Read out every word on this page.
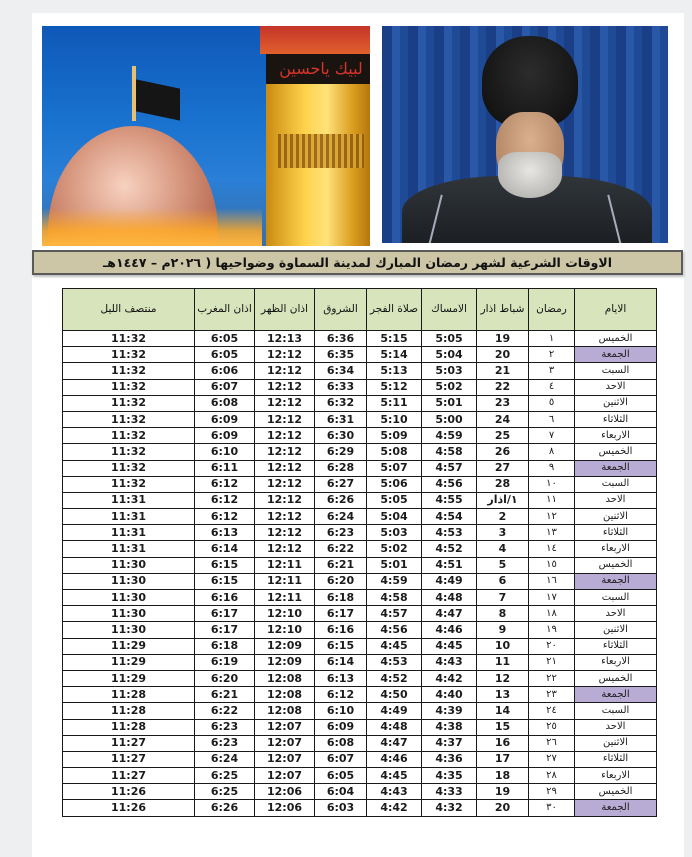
لبيك ياحسين
الاوقات الشرعية لشهر رمضان المبارك لمدينة السماوة وضواحيها ( ٢٠٢٦م – ١٤٤٧هـ
الايام	رمضان	شباط اذار	الامساك	صلاة الفجر	الشروق	اذان الظهر	اذان المغرب	منتصف الليل
الخميس	١	19	5:05	5:15	6:36	12:13	6:05	11:32
الجمعة	٢	20	5:04	5:14	6:35	12:12	6:05	11:32
السبت	٣	21	5:03	5:13	6:34	12:12	6:06	11:32
الاحد	٤	22	5:02	5:12	6:33	12:12	6:07	11:32
الاثنين	٥	23	5:01	5:11	6:32	12:12	6:08	11:32
الثلاثاء	٦	24	5:00	5:10	6:31	12:12	6:09	11:32
الاربعاء	٧	25	4:59	5:09	6:30	12:12	6:09	11:32
الخميس	٨	26	4:58	5:08	6:29	12:12	6:10	11:32
الجمعة	٩	27	4:57	5:07	6:28	12:12	6:11	11:32
السبت	١٠	28	4:56	5:06	6:27	12:12	6:12	11:32
الاحد	١١	١/اذار	4:55	5:05	6:26	12:12	6:12	11:31
الاثنين	١٢	2	4:54	5:04	6:24	12:12	6:12	11:31
الثلاثاء	١٣	3	4:53	5:03	6:23	12:12	6:13	11:31
الاربعاء	١٤	4	4:52	5:02	6:22	12:12	6:14	11:31
الخميس	١٥	5	4:51	5:01	6:21	12:11	6:15	11:30
الجمعة	١٦	6	4:49	4:59	6:20	12:11	6:15	11:30
السبت	١٧	7	4:48	4:58	6:18	12:11	6:16	11:30
الاحد	١٨	8	4:47	4:57	6:17	12:10	6:17	11:30
الاثنين	١٩	9	4:46	4:56	6:16	12:10	6:17	11:30
الثلاثاء	٢٠	10	4:45	4:45	6:15	12:09	6:18	11:29
الاربعاء	٢١	11	4:43	4:53	6:14	12:09	6:19	11:29
الخميس	٢٢	12	4:42	4:52	6:13	12:08	6:20	11:29
الجمعة	٢٣	13	4:40	4:50	6:12	12:08	6:21	11:28
السبت	٢٤	14	4:39	4:49	6:10	12:08	6:22	11:28
الاحد	٢٥	15	4:38	4:48	6:09	12:07	6:23	11:28
الاثنين	٢٦	16	4:37	4:47	6:08	12:07	6:23	11:27
الثلاثاء	٢٧	17	4:36	4:46	6:07	12:07	6:24	11:27
الاربعاء	٢٨	18	4:35	4:45	6:05	12:07	6:25	11:27
الخميس	٢٩	19	4:33	4:43	6:04	12:06	6:25	11:26
الجمعة	٣٠	20	4:32	4:42	6:03	12:06	6:26	11:26
